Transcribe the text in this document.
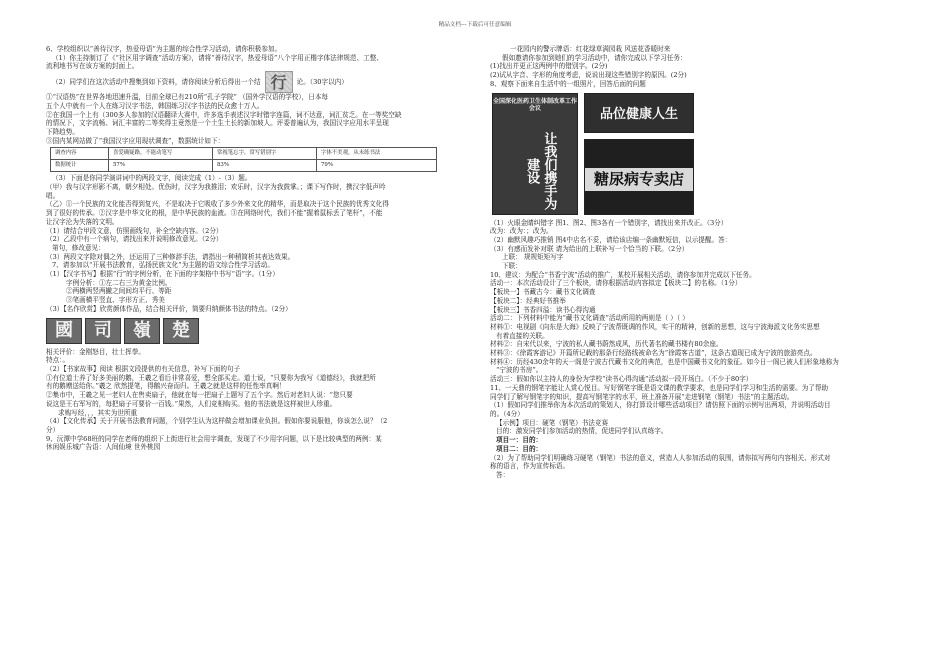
精品文档---下载后可任意编辑
6、学校组织以“善待汉字，热爱母语”为主题的综合性学习活动，请你积极参加。
（1）你主持制订了《“社区用字调查”活动方案》，请将“善待汉字，热爱母语”八个字用正楷字体法律规范、工整、
流利地书写在该方案的封面上。
（2）同学们在这次活动中搜集到如下资料，请你阅读分析后得出一个结 行	论。（30字以内）
①“汉语热”在世界各地迅速升温，目前全球已有210所“孔子学院” （国外学汉语的学校），日本每
五个人中就有一个人在练习汉字书法，韩国练习汉字书法的民众愈十万人。
②在我国一个上有（300多人参加的汉语翻译大赛中，许多选手表述汉字时错字连篇，词不达意，词汇贫乏。在一等奖空缺
的情况下，文字流畅、词汇丰富的二等奖得主竟然是一个土生土长的新加坡人。评委普遍认为，我国汉字应用水平呈现
下降趋势。
③国内某网站做了“我国汉字应用现状调查”，数据统计如下：
调查内容	喜爱确疑路，不能动笔写	常视笔忘字，常写错别字	字体不美观，从未练书法
数据统计	57%	83%	79%
（3）下面是你同学演讲词中的两段文字，阅读完成（1）-（3）题。
（甲）我与汉字形影不离，朝夕相处。优伤时，汉字为我推泪；欢乐时，汉字为我鼓掌。；课下写作时，携汉字低声吟
唱。
（乙）①一个民族的文化能否得到复兴，不是取决于它吸收了多少外来文化的精华，而是取决于这个民族的优秀文化得
到了很好的传承。②汉字是中华文化的根，是中华民族的血液。③在网络时代，我们不能“握着鼠标丢了笔杆”，不能
让汉字沦为失落的文明。
（1）请结合甲段文意，仿照画线句，补全空缺内容。（2分）
（2）乙段中有一个病句，请找出来并说明修改意见。（2分）
第句，修改意见：
（3）两段文字除对偶之外，还运用了三种修辞手法，请指出一种稍简析其表达效果。
7、请参加以“开展书法教育，弘扬民族文化”为主题的语文综合性学习活动。
（1）【汉字书写】根据“行”的字例分析，在下面的字架格中书写“语”字。（1分）
字例分析：①左二右三为黄金比例。
②两横两竖两撇之间间均平行、等距
③笔画横平竖直、字形方正、秀美
（3）【名作欣赏】欣赏颜体作品，结合相关评价，简要归纳颜体书法的特点。（2分）
國	司	嶺	楚
相关评价：金刚怒目，壮士挥拳。
特点：。
（2）【书家故事】阅读 根据文段提供的有关信息，补写下面的句子
①有位道士养了好多美丽的鹅，王羲之看后非常喜爱，想全部买走。道士说，“只要你为我写《道德经》，我就把所
有的鹅赠送给你。”羲之 欣然提笔，得鹅兴奋而归。王羲之就是这样的任性率真啊！
②集市中，王羲之见一老妇人在售卖扇子，他就在每一把扇子上题写了五个字。然后对老妇人说：“您只要
说这是王右军写的，每把扇子可要价一百钱。”果然，人们竞相购买。他的书法就是这样被世人珍重。
求购写经，，，其实为世所重
（4）【文化传承】关于开展书法教育问题，个别学生认为这样做会增加课业负担。假如你要说服他，你该怎么说？（2
分）
9、沅潭中学68班的同学在老师的组织下上街进行社会用字调查，发现了不少用字问题，以下是比较典型的两例：某
休闲娱乐城广告语：人间仙境 世外桃园
一花园内的警示牌语：红花绿草满园栽 风送花香暖时来
假如邀请你参加到她们的学习活动中，请你完成以下学习任务：
(1)找出并更正这两例中的错别字。(2分)
(2)试从字音、字形的角度考虑，说说出现这些错别字的原因。(2分)
8、观察下面来自生活中的一组照片，回答后面的问题
全国深化医药卫生体制改革工作会议
让我们携手为建设
品位健康人生
糖尿病专卖店
（1）火眼金睛纠错字 图1、图2、图3各有一个错别字，请找出来并改正。（3分）
改为：改为：；改为。
（2）幽默风趣巧推销 图4中店名不妥，请给该店编一条幽默短信，以示提醒。答：
（3）有感而发补对联 请为给出的上联补写一个恰当的下联。（2分）
上联： 规规矩矩写字
下联：
10、建议：为配合“书香宁波”活动的推广，某校开展相关活动，请你参加并完成以下任务。
活动一：本次活动设计了三个板块，请你根据活动内容拟定【板块二】的名称。（1分）
【板块一】书藏古今：藏书文化调查
【板块二】：经典好书推举
【板块三】书香四溢：读书心得沟通
活动二：下列材料中能为“藏书文化调查”活动所用的两则是（ ）（ ）
材料①：电视剧《向东是大海》反映了宁波帮既调的作风，实干的精神，创新的思想，这与宁波海派文化务实思想
有着直接的关联。
材料②：自宋代以来，宁波的私人藏书蔚然成风，历代著名的藏书楼有80余座。
材料③：《徐霞客游记》开篇所记载的那条行经路线被命名为“徐霞客古道”，这条古道现已成为宁波的旅游亮点。
材料④：历经430余年的天一阁是宁波古代藏书文化的典范，也是中国藏书文化的象征。如今日一阁已被人们形象地称为
“宁波的书房”。
活动三：假如你以主持人的身份为学校“读书心得沟通”活动拟一段开场白。（不少于80字）
11、一天鼎的钢笔字能让人赏心悦目。写好钢笔字既是语文课的教学要求，也是同学们学习和生活的需要。为了帮助
同学们了解写钢笔字的知识，提高写钢笔字的水平，班上准备开展“走进钢笔（钢笔）书法”的主题活动。
（1）假如同学们推举你为本次活动的策划人，你打算设计哪些活动项目？请仿照下面的示例写出两项，并说明活动目
的。（4分）
【示例】项目：硬笔（钢笔）书法竞赛
目的：激发同学们参加活动的热情，促进同学们认真练字。
项目一：目的：
项目二：目的：
（2）为了帮助同学们明确练习硬笔（钢笔）书法的意义，营造人人参加活动的氛围，请你拟写两句内容相关、形式对
称的语言，作为宣传标语。
答：
